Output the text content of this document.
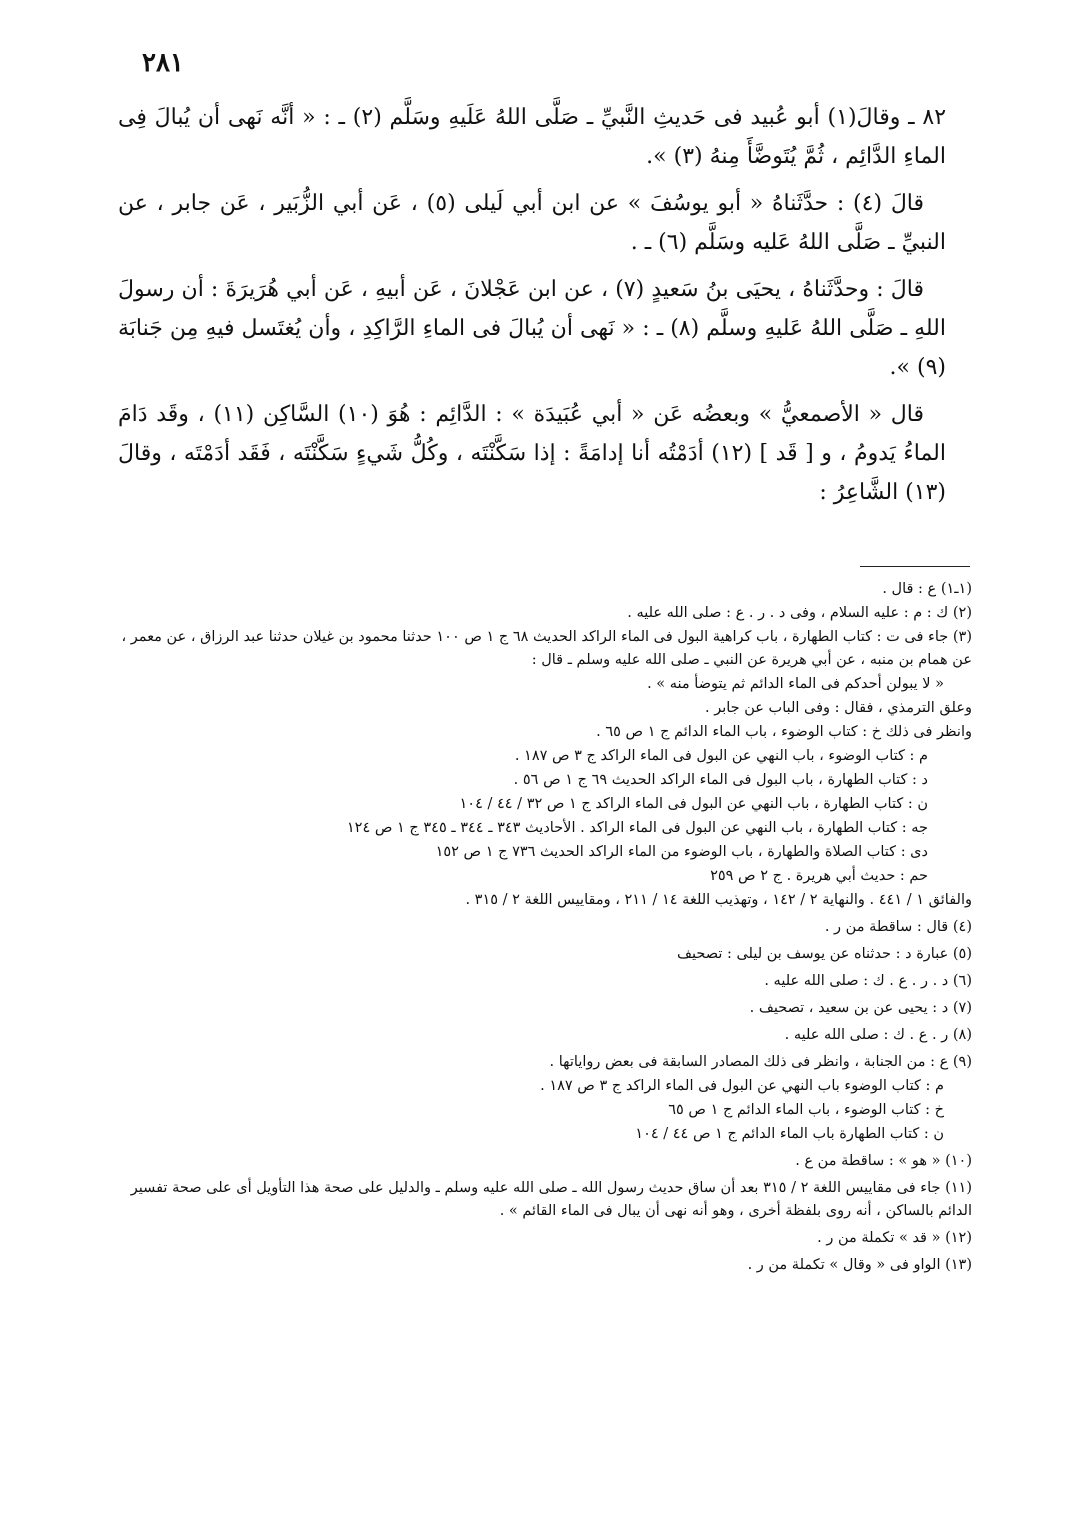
٢٨١

٨٢ ـ وقالَ(١) أبو عُبيد فى حَديثِ النَّبيِّ ـ صَلَّى اللهُ عَلَيهِ وسَلَّم (٢) ـ : « أنَّه نَهى أن يُبالَ فِى الماءِ الدَّائِم ، ثُمَّ يُتَوضَّأَ مِنهُ (٣) ».

قالَ (٤) : حدَّثَناهُ « أبو يوسُفَ » عن ابن أبي لَيلى (٥) ، عَن أبي الزُّبَير ، عَن جابر ، عن النبيِّ ـ صَلَّى اللهُ عَليه وسَلَّم (٦) ـ .

قالَ : وحدَّثَناهُ ، يحيَى بنُ سَعيدٍ (٧) ، عن ابن عَجْلانَ ، عَن أبيهِ ، عَن أبي هُرَيرَةَ : أن رسولَ اللهِ ـ صَلَّى اللهُ عَليهِ وسلَّم (٨) ـ : « نَهى أن يُبالَ فى الماءِ الرَّاكِدِ ، وأن يُغتَسل فيهِ مِن جَنابَة (٩) ».

قال « الأصمعيُّ » وبعضُه عَن « أبي عُبَيدَة » : الدَّائِم : هُوَ (١٠) السَّاكِن (١١) ، وقَد دَامَ الماءُ يَدومُ ، و [ قَد ] (١٢) أدَمْتُه أنا إدامَةً : إذا سَكَّنْتَه ، وكُلُّ شَيءٍ سَكَّنْتَه ، فَقَد أدَمْتَه ، وقالَ (١٣) الشَّاعِرُ :

(١ـ١) ع : قال .
(٢) ك : م : عليه السلام ، وفى د . ر . ع : صلى الله عليه .
(٣) جاء فى ت : كتاب الطهارة ، باب كراهية البول فى الماء الراكد الحديث ٦٨ ج ١ ص ١٠٠ حدثنا محمود بن غيلان حدثنا عبد الرزاق ، عن معمر ، عن همام بن منبه ، عن أبي هريرة عن النبي ـ صلى الله عليه وسلم ـ قال :
« لا يبولن أحدكم فى الماء الدائم ثم يتوضأ منه » .
وعلق الترمذي ، فقال : وفى الباب عن جابر .
وانظر فى ذلك خ : كتاب الوضوء ، باب الماء الدائم ج ١ ص ٦٥ .
م : كتاب الوضوء ، باب النهي عن البول فى الماء الراكد ج ٣ ص ١٨٧ .
د : كتاب الطهارة ، باب البول فى الماء الراكد الحديث ٦٩ ج ١ ص ٥٦ .
ن : كتاب الطهارة ، باب النهي عن البول فى الماء الراكد ج ١ ص ٣٢ / ٤٤ / ١٠٤
جه : كتاب الطهارة ، باب النهي عن البول فى الماء الراكد . الأحاديث ٣٤٣ ـ ٣٤٤ ـ ٣٤٥ ج ١ ص ١٢٤
دى : كتاب الصلاة والطهارة ، باب الوضوء من الماء الراكد الحديث ٧٣٦ ج ١ ص ١٥٢
حم : حديث أبي هريرة . ج ٢ ص ٢٥٩
والفائق ١ / ٤٤١ . والنهاية ٢ / ١٤٢ ، وتهذيب اللغة ١٤ / ٢١١ ، ومقاييس اللغة ٢ / ٣١٥ .
(٤) قال : ساقطة من ر .
(٥) عبارة د : حدثناه عن يوسف بن ليلى : تصحيف
(٦) د . ر . ع . ك : صلى الله عليه .
(٧) د : يحيى عن بن سعيد ، تصحيف .
(٨) ر . ع . ك : صلى الله عليه .
(٩) ع : من الجنابة ، وانظر فى ذلك المصادر السابقة فى بعض رواياتها .
م : كتاب الوضوء باب النهي عن البول فى الماء الراكد ج ٣ ص ١٨٧ .
خ : كتاب الوضوء ، باب الماء الدائم ج ١ ص ٦٥
ن : كتاب الطهارة باب الماء الدائم ج ١ ص ٤٤ / ١٠٤
(١٠) « هو » : ساقطة من ع .
(١١) جاء فى مقاييس اللغة ٢ / ٣١٥ بعد أن ساق حديث رسول الله ـ صلى الله عليه وسلم ـ والدليل على صحة هذا التأويل أى على صحة تفسير الدائم بالساكن ، أنه روى بلفظة أخرى ، وهو أنه نهى أن يبال فى الماء القائم » .
(١٢) « قد » تكملة من ر .
(١٣) الواو فى « وقال » تكملة من ر .
